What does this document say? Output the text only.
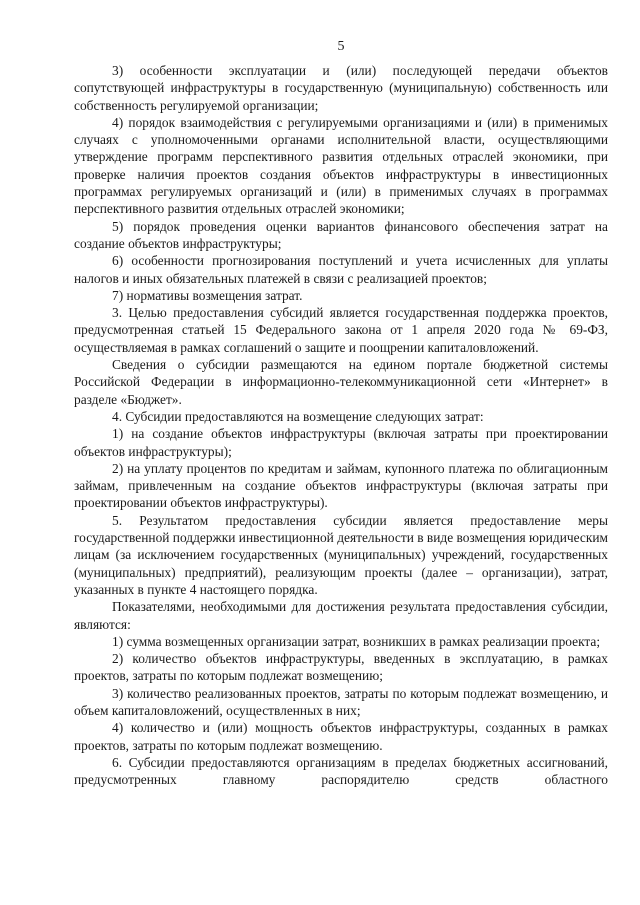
5

3) особенности эксплуатации и (или) последующей передачи объектов сопутствующей инфраструктуры в государственную (муниципальную) собственность или собственность регулируемой организации;

4) порядок взаимодействия с регулируемыми организациями и (или) в применимых случаях с уполномоченными органами исполнительной власти, осуществляющими утверждение программ перспективного развития отдельных отраслей экономики, при проверке наличия проектов создания объектов инфраструктуры в инвестиционных программах регулируемых организаций и (или) в применимых случаях в программах перспективного развития отдельных отраслей экономики;

5) порядок проведения оценки вариантов финансового обеспечения затрат на создание объектов инфраструктуры;

6) особенности прогнозирования поступлений и учета исчисленных для уплаты налогов и иных обязательных платежей в связи с реализацией проектов;

7) нормативы возмещения затрат.

3. Целью предоставления субсидий является государственная поддержка проектов, предусмотренная статьей 15 Федерального закона от 1 апреля 2020 года № 69-ФЗ, осуществляемая в рамках соглашений о защите и поощрении капиталовложений.

Сведения о субсидии размещаются на едином портале бюджетной системы Российской Федерации в информационно-телекоммуникационной сети «Интернет» в разделе «Бюджет».

4. Субсидии предоставляются на возмещение следующих затрат:

1) на создание объектов инфраструктуры (включая затраты при проектировании объектов инфраструктуры);

2) на уплату процентов по кредитам и займам, купонного платежа по облигационным займам, привлеченным на создание объектов инфраструктуры (включая затраты при проектировании объектов инфраструктуры).

5. Результатом предоставления субсидии является предоставление меры государственной поддержки инвестиционной деятельности в виде возмещения юридическим лицам (за исключением государственных (муниципальных) учреждений, государственных (муниципальных) предприятий), реализующим проекты (далее – организации), затрат, указанных в пункте 4 настоящего порядка.

Показателями, необходимыми для достижения результата предоставления субсидии, являются:

1) сумма возмещенных организации затрат, возникших в рамках реализации проекта;

2) количество объектов инфраструктуры, введенных в эксплуатацию, в рамках проектов, затраты по которым подлежат возмещению;

3) количество реализованных проектов, затраты по которым подлежат возмещению, и объем капиталовложений, осуществленных в них;

4) количество и (или) мощность объектов инфраструктуры, созданных в рамках проектов, затраты по которым подлежат возмещению.

6. Субсидии предоставляются организациям в пределах бюджетных ассигнований, предусмотренных главному распорядителю средств областного
